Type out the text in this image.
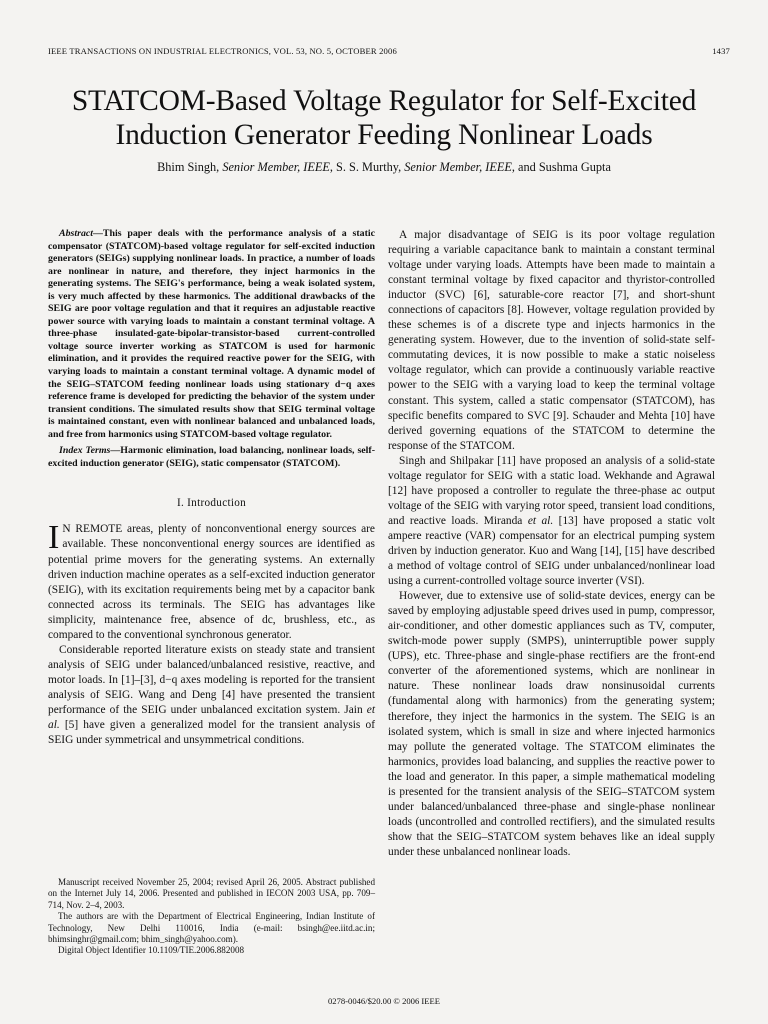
IEEE TRANSACTIONS ON INDUSTRIAL ELECTRONICS, VOL. 53, NO. 5, OCTOBER 2006	1437
STATCOM-Based Voltage Regulator for Self-Excited
Induction Generator Feeding Nonlinear Loads
Bhim Singh, Senior Member, IEEE, S. S. Murthy, Senior Member, IEEE, and Sushma Gupta

Abstract—This paper deals with the performance analysis of a static compensator (STATCOM)-based voltage regulator for self-excited induction generators (SEIGs) supplying nonlinear loads. In practice, a number of loads are nonlinear in nature, and therefore, they inject harmonics in the generating systems. The SEIG's performance, being a weak isolated system, is very much affected by these harmonics. The additional drawbacks of the SEIG are poor voltage regulation and that it requires an adjustable reactive power source with varying loads to maintain a constant terminal voltage. A three-phase insulated-gate-bipolar-transistor-based current-controlled voltage source inverter working as STATCOM is used for harmonic elimination, and it provides the required reactive power for the SEIG, with varying loads to maintain a constant terminal voltage. A dynamic model of the SEIG–STATCOM feeding nonlinear loads using stationary d−q axes reference frame is developed for predicting the behavior of the system under transient conditions. The simulated results show that SEIG terminal voltage is maintained constant, even with nonlinear balanced and unbalanced loads, and free from harmonics using STATCOM-based voltage regulator.

Index Terms—Harmonic elimination, load balancing, nonlinear loads, self-excited induction generator (SEIG), static compensator (STATCOM).

I. Introduction

I N REMOTE areas, plenty of nonconventional energy sources are available. These nonconventional energy sources are identified as potential prime movers for the generating systems. An externally driven induction machine operates as a self-excited induction generator (SEIG), with its excitation requirements being met by a capacitor bank connected across its terminals. The SEIG has advantages like simplicity, maintenance free, absence of dc, brushless, etc., as compared to the conventional synchronous generator.

Considerable reported literature exists on steady state and transient analysis of SEIG under balanced/unbalanced resistive, reactive, and motor loads. In [1]–[3], d−q axes modeling is reported for the transient analysis of SEIG. Wang and Deng [4] have presented the transient performance of the SEIG under unbalanced excitation system. Jain et al. [5] have given a generalized model for the transient analysis of SEIG under symmetrical and unsymmetrical conditions.

Manuscript received November 25, 2004; revised April 26, 2005. Abstract published on the Internet July 14, 2006. Presented and published in IECON 2003 USA, pp. 709–714, Nov. 2–4, 2003.

The authors are with the Department of Electrical Engineering, Indian Institute of Technology, New Delhi 110016, India (e-mail: bsingh@ee.iitd.ac.in; bhimsinghr@gmail.com; bhim_singh@yahoo.com).

Digital Object Identifier 10.1109/TIE.2006.882008

A major disadvantage of SEIG is its poor voltage regulation requiring a variable capacitance bank to maintain a constant terminal voltage under varying loads. Attempts have been made to maintain a constant terminal voltage by fixed capacitor and thyristor-controlled inductor (SVC) [6], saturable-core reactor [7], and short-shunt connections of capacitors [8]. However, voltage regulation provided by these schemes is of a discrete type and injects harmonics in the generating system. However, due to the invention of solid-state self-commutating devices, it is now possible to make a static noiseless voltage regulator, which can provide a continuously variable reactive power to the SEIG with a varying load to keep the terminal voltage constant. This system, called a static compensator (STATCOM), has specific benefits compared to SVC [9]. Schauder and Mehta [10] have derived governing equations of the STATCOM to determine the response of the STATCOM.

Singh and Shilpakar [11] have proposed an analysis of a solid-state voltage regulator for SEIG with a static load. Wekhande and Agrawal [12] have proposed a controller to regulate the three-phase ac output voltage of the SEIG with varying rotor speed, transient load conditions, and reactive loads. Miranda et al. [13] have proposed a static volt ampere reactive (VAR) compensator for an electrical pumping system driven by induction generator. Kuo and Wang [14], [15] have described a method of voltage control of SEIG under unbalanced/nonlinear load using a current-controlled voltage source inverter (VSI).

However, due to extensive use of solid-state devices, energy can be saved by employing adjustable speed drives used in pump, compressor, air-conditioner, and other domestic appliances such as TV, computer, switch-mode power supply (SMPS), uninterruptible power supply (UPS), etc. Three-phase and single-phase rectifiers are the front-end converter of the aforementioned systems, which are nonlinear in nature. These nonlinear loads draw nonsinusoidal currents (fundamental along with harmonics) from the generating system; therefore, they inject the harmonics in the system. The SEIG is an isolated system, which is small in size and where injected harmonics may pollute the generated voltage. The STATCOM eliminates the harmonics, provides load balancing, and supplies the reactive power to the load and generator. In this paper, a simple mathematical modeling is presented for the transient analysis of the SEIG–STATCOM system under balanced/unbalanced three-phase and single-phase nonlinear loads (uncontrolled and controlled rectifiers), and the simulated results show that the SEIG–STATCOM system behaves like an ideal supply under these unbalanced nonlinear loads.

0278-0046/$20.00 © 2006 IEEE
